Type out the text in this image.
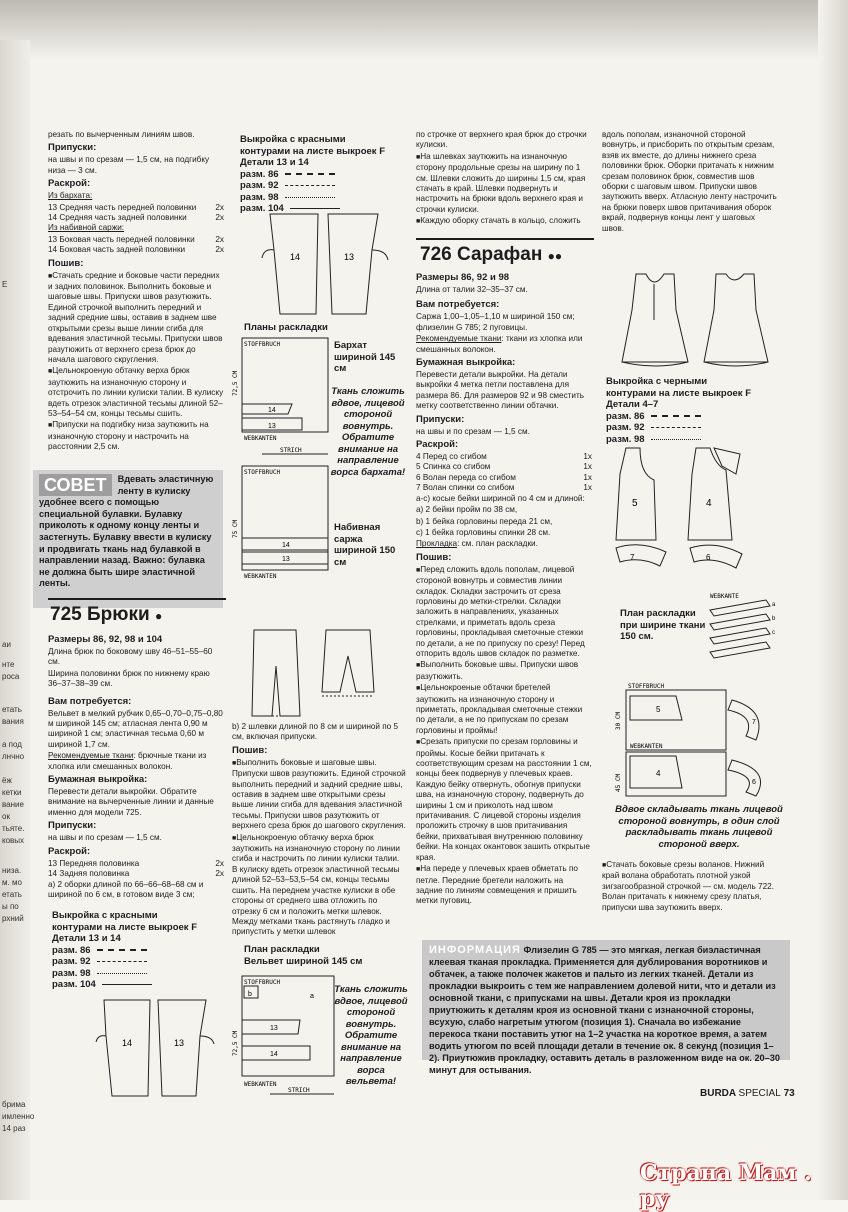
E
аи
нте
роса
етать
вания
а под
лнчно
ёж
кетки
вание
ок
тьяте.
ковых
низа.
м. мо
етать
ы по
рхний
брима
имленно
14 раз

резать по вычерченным линиям швов.

Припуски:

на швы и по срезам — 1,5 см, на подгибку низа — 3 см.

Раскрой:

Из бархата:

13 Средняя часть передней половинки 2x
14 Средняя часть задней половинки	2x

Из набивной саржи:

13 Боковая часть передней половинки	2x
14 Боковая часть задней половинки	2x

Пошив:

■ Стачать средние и боковые части передних и задних половинок. Выполнить боковые и шаговые швы. Припуски швов разутюжить. Единой строчкой выполнить передний и задний средние швы, оставив в заднем шве открытыми срезы выше линии сгиба для вдевания эластичной тесьмы. Припуски швов разутюжить от верхнего среза брюк до начала шагового скругления.

■ Цельнокроеную обтачку верха брюк заутюжить на изнаночную сторону и отстрочить по линии кулиски талии. В кулиску вдеть отрезок эластичной тесьмы длиной 52–53–54–54 см, концы тесьмы сшить.

■ Припуски на подгибку низа заутюжить на изнаночную сторону и настрочить на расстоянии 2,5 см.

СОВЕТ	Вдевать эластичную ленту в кулиску удобнее всего с помощью специальной булавки. Булавку приколоть к одному концу ленты и застегнуть. Булавку ввести в кулиску и продвигать ткань над булавкой в направлении назад. Важно: булавка не должна быть шире эластичной ленты.
725 Брюки ●

Размеры 86, 92, 98 и 104

Длина брюк по боковому шву 46–51–55–60 см.

Ширина половинки брюк по нижнему краю 36–37–38–39 см.

Вам потребуется:

Вельвет в мелкий рубчик 0,65–0,70–0,75–0,80 м шириной 145 см; атласная лента 0,90 м шириной 1 см; эластичная тесьма 0,60 м шириной 1,7 см.

Рекомендуемые ткани: брючные ткани из хлопка или смешанных волокон.

Бумажная выкройка:

Перевести детали выкройки. Обратите внимание на вычерченные линии и данные именно для модели 725.

Припуски:

на швы и по срезам — 1,5 см.

Раскрой:

13 Передняя половинка	2x
14 Задняя половинка	2x

а) 2 оборки длиной по 66–66–68–68 см и шириной по 6 см, в готовом виде 3 см;

Выкройка с красными
контурами на листе выкроек F
Детали 13 и 14
разм. 86
разм. 92
разм. 98
разм. 104
14	13
Выкройка с красными
контурами на листе выкроек F
Детали 13 и 14
разм. 86
разм. 92
разм. 98
разм. 104
14	13
Планы раскладки
STOFFBRUCH
WEBKANTEN
14
13
72,5 CM
STRICH
Бархат шириной 145 см
Ткань сложить вдвое, лицевой стороной вовнутрь. Обратите внимание на направление ворса бархата!
STOFFBRUCH
WEBKANTEN
14
13
75 CM	Набивная саржа шириной 150 см

b) 2 шлевки длиной по 8 см и шириной по 5 см, включая припуски.

Пошив:

■ Выполнить боковые и шаговые швы. Припуски швов разутюжить. Единой строчкой выполнить передний и задний средние швы, оставив в заднем шве открытыми срезы выше линии сгиба для вдевания эластичной тесьмы. Припуски швов разутюжить от верхнего среза брюк до шагового скругления.

■ Цельнокроеную обтачку верха брюк заутюжить на изнаночную сторону по линии сгиба и настрочить по линии кулиски талии. В кулиску вдеть отрезок эластичной тесьмы длиной 52–53–53,5–54 см, концы тесьмы сшить. На переднем участке кулиски в обе стороны от среднего шва отложить по отрезку 6 см и положить метки шлевок. Между метками ткань растянуть гладко и припустить у метки шлевок

План раскладки
Вельвет шириной 145 см
STOFFBRUCH
WEBKANTEN
b	a
13
14
72,5 CM
STRICH
Ткань сложить вдвое, лицевой стороной вовнутрь. Обратите внимание на направление ворса вельвета!

по строчке от верхнего края брюк до строчки кулиски.

■ На шлевках заутюжить на изнаночную сторону продольные срезы на ширину по 1 см. Шлевки сложить до ширины 1,5 см, края стачать в край. Шлевки подвернуть и настрочить на брюки вдоль верхнего края и строчки кулиски.

■ Каждую оборку стачать в кольцо, сложить

726 Сарафан ●●

Размеры 86, 92 и 98

Длина от талии 32–35–37 см.

Вам потребуется:

Саржа 1,00–1,05–1,10 м шириной 150 см; флизелин G 785; 2 пуговицы.

Рекомендуемые ткани: ткани из хлопка или смешанных волокон.

Бумажная выкройка:

Перевести детали выкройки. На детали выкройки 4 метка петли поставлена для размера 86. Для размеров 92 и 98 сместить метку соответственно линии обтачки.

Припуски:

на швы и по срезам — 1,5 см.

Раскрой:

4 Перед со сгибом	1x
5 Спинка со сгибом	1x
6 Волан переда со сгибом	1x
7 Волан спинки со сгибом	1x

а-с) косые бейки шириной по 4 см и длиной:

а) 2 бейки пройм по 38 см,

b) 1 бейка горловины переда 21 см,

c) 1 бейка горловины спинки 28 см.

Прокладка: см. план раскладки.

Пошив:

■ Перед сложить вдоль пополам, лицевой стороной вовнутрь и совместив линии складок. Складки застрочить от среза горловины до метки-стрелки. Складки заложить в направлениях, указанных стрелками, и приметать вдоль среза горловины, прокладывая сметочные стежки по детали, а не по припуску по срезу! Перед отпорить вдоль швов складок по разметке.

■ Выполнить боковые швы. Припуски швов разутюжить.

■ Цельнокроеные обтачки бретелей заутюжить на изнаночную сторону и приметать, прокладывая сметочные стежки по детали, а не по припускам по срезам горловины и проймы!

■ Срезать припуски по срезам горловины и проймы. Косые бейки притачать к соответствующим срезам на расстоянии 1 см, концы беек подвернув у плечевых краев. Каждую бейку отвернуть, обогнув припуски шва, на изнаночную сторону, подвернуть до ширины 1 см и приколоть над швом притачивания. С лицевой стороны изделия проложить строчку в шов притачивания бейки, прихватывая внутреннюю половинку бейки. На концах окантовок зашить открытые края.

■ На переде у плечевых краев обметать по петле. Передние бретели наложить на задние по линиям совмещения и пришить метки пуговиц.

вдоль пополам, изнаночной стороной вовнутрь, и присборить по открытым срезам, взяв их вместе, до длины нижнего среза половинки брюк. Оборки притачать к нижним срезам половинок брюк, совместив шов оборки с шаговым швом. Припуски швов заутюжить вверх. Атласную ленту настрочить на брюки поверх швов притачивания оборок вкрай, подвернув концы лент у шаговых швов.

Выкройка с черными
контурами на листе выкроек F
Детали 4–7
разм. 86
разм. 92
разм. 98
5	4
7	6
План раскладки при ширине ткани 150 см.
WEBKANTE
a
b
c
STOFFBRUCH
WEBKANTEN
5
4
30 CM
45 CM
7
6
Вдвое складывать ткань лицевой стороной вовнутрь, в один слой раскладывать ткань лицевой стороной вверх.

■ Стачать боковые срезы воланов. Нижний край волана обработать плотной узкой зигзагообразной строчкой — см. модель 722. Волан притачать к нижнему срезу платья, припуски шва заутюжить вверх.

ИНФОРМАЦИЯ Флизелин G 785 — это мягкая, легкая биэластичная клеевая тканая прокладка. Применяется для дублирования воротников и обтачек, а также полочек жакетов и пальто из легких тканей. Детали из прокладки выкроить с тем же направлением долевой нити, что и детали из основной ткани, с припусками на швы. Детали кроя из прокладки приутюжить к деталям кроя из основной ткани с изнаночной стороны, всухую, слабо нагретым утюгом (позиция 1). Сначала во избежание перекоса ткани поставить утюг на 1–2 участка на короткое время, а затем водить утюгом по всей площади детали в течение ок. 8 секунд (позиция 1–2). Приутюжив прокладку, оставить деталь в разложенном виде на ок. 20–30 минут для остывания.
BURDA SPECIAL 73
Страна Мам . ру
